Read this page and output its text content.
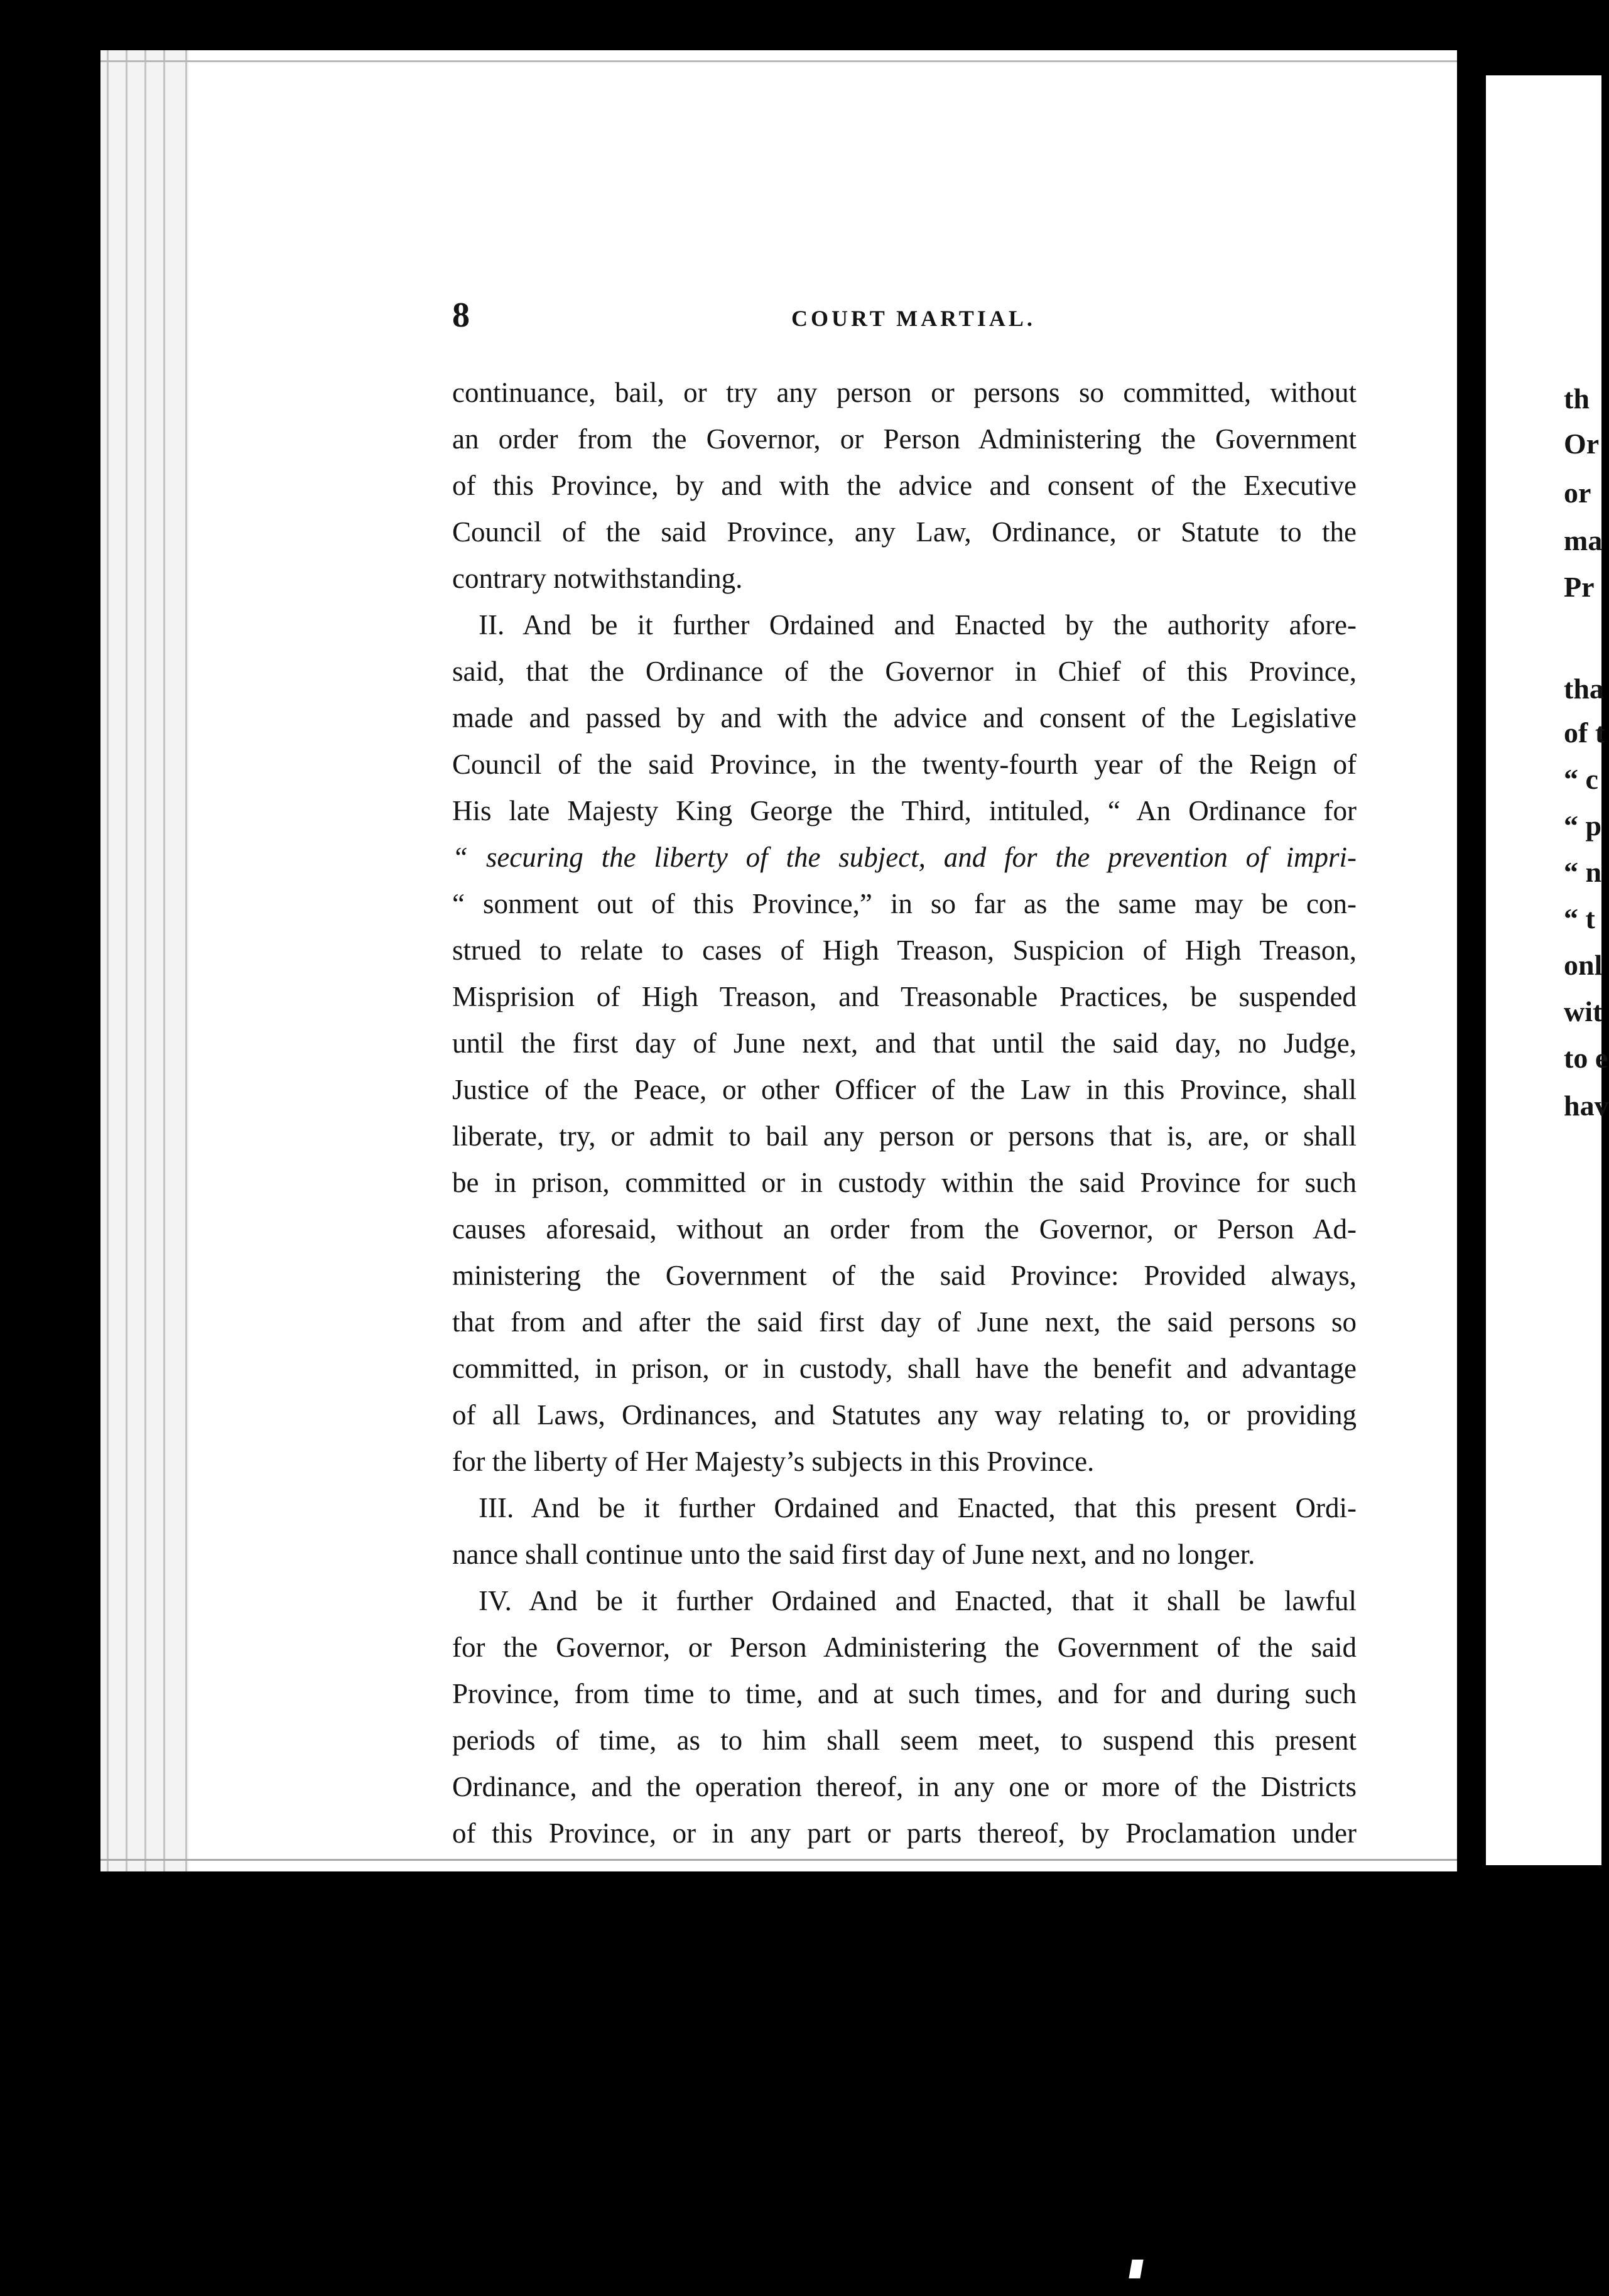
th
Or
or
ma
Pr
tha
of t
“ c
“ p
“ n
“ t
onl
wit
to e
hav
8	COURT MARTIAL.
continuance, bail, or try any person or persons so committed, without
an order from the Governor, or Person Administering the Government
of this Province, by and with the advice and consent of the Executive
Council of the said Province, any Law, Ordinance, or Statute to the
contrary notwithstanding.
II. And be it further Ordained and Enacted by the authority afore-
said, that the Ordinance of the Governor in Chief of this Province,
made and passed by and with the advice and consent of the Legislative
Council of the said Province, in the twenty-fourth year of the Reign of
His late Majesty King George the Third, intituled, “ An Ordinance for
“ securing the liberty of the subject, and for the prevention of impri-
“ sonment out of this Province,” in so far as the same may be con-
strued to relate to cases of High Treason, Suspicion of High Treason,
Misprision of High Treason, and Treasonable Practices, be suspended
until the first day of June next, and that until the said day, no Judge,
Justice of the Peace, or other Officer of the Law in this Province, shall
liberate, try, or admit to bail any person or persons that is, are, or shall
be in prison, committed or in custody within the said Province for such
causes aforesaid, without an order from the Governor, or Person Ad-
ministering the Government of the said Province: Provided always,
that from and after the said first day of June next, the said persons so
committed, in prison, or in custody, shall have the benefit and advantage
of all Laws, Ordinances, and Statutes any way relating to, or providing
for the liberty of Her Majesty’s subjects in this Province.
III. And be it further Ordained and Enacted, that this present Ordi-
nance shall continue unto the said first day of June next, and no longer.
IV. And be it further Ordained and Enacted, that it shall be lawful
for the Governor, or Person Administering the Government of the said
Province, from time to time, and at such times, and for and during such
periods of time, as to him shall seem meet, to suspend this present
Ordinance, and the operation thereof, in any one or more of the Districts
of this Province, or in any part or parts thereof, by Proclamation under
